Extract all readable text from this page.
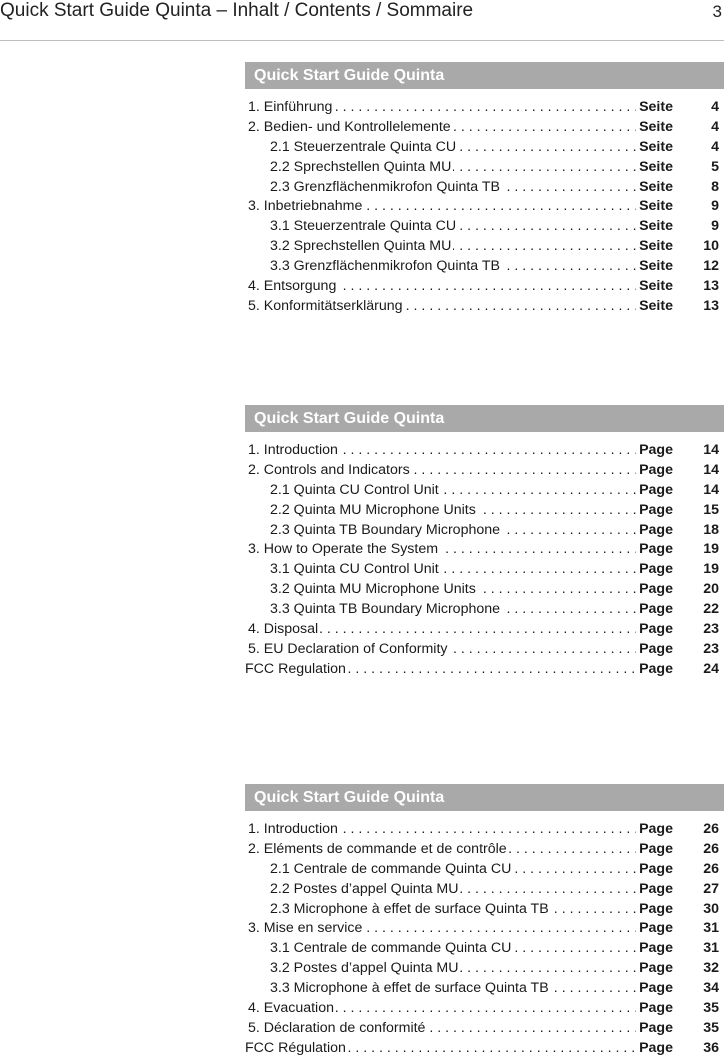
Quick Start Guide Quinta – Inhalt / Contents / Sommaire	3
Quick Start Guide Quinta
. . .
1. Einführung	Seite	4
. . .
2. Bedien- und Kontrollelemente	Seite	4
. . .
2.1 Steuerzentrale Quinta CU	Seite	4
. . .
2.2 Sprechstellen Quinta MU	Seite	5
. . .
2.3 Grenzflächenmikrofon Quinta TB	Seite	8
. . .
3. Inbetriebnahme	Seite	9
. . .
3.1 Steuerzentrale Quinta CU	Seite	9
. . .
3.2 Sprechstellen Quinta MU	Seite	10
. . .
3.3 Grenzflächenmikrofon Quinta TB	Seite	12
. . .
4. Entsorgung	Seite	13
. . .
5. Konformitätserklärung	Seite	13
Quick Start Guide Quinta
. . .
1. Introduction	Page	14
. . .
2. Controls and Indicators	Page	14
. . .
2.1 Quinta CU Control Unit	Page	14
. . .
2.2 Quinta MU Microphone Units	Page	15
. . .
2.3 Quinta TB Boundary Microphone	Page	18
. . .
3. How to Operate the System	Page	19
. . .
3.1 Quinta CU Control Unit	Page	19
. . .
3.2 Quinta MU Microphone Units	Page	20
. . .
3.3 Quinta TB Boundary Microphone	Page	22
. . .
4. Disposal	Page	23
. . .
5. EU Declaration of Conformity	Page	23
. . .
FCC Regulation	Page	24
Quick Start Guide Quinta
. . .
1. Introduction	Page	26
. . .
2. Eléments de commande et de contrôle	Page	26
. . .
2.1 Centrale de commande Quinta CU	Page	26
. . .
2.2 Postes d’appel Quinta MU	Page	27
. . .
2.3 Microphone à effet de surface Quinta TB	Page	30
. . .
3. Mise en service	Page	31
. . .
3.1 Centrale de commande Quinta CU	Page	31
. . .
3.2 Postes d’appel Quinta MU	Page	32
. . .
3.3 Microphone à effet de surface Quinta TB	Page	34
. . .
4. Evacuation	Page	35
. . .
5. Déclaration de conformité	Page	35
. . .
FCC Régulation	Page	36
